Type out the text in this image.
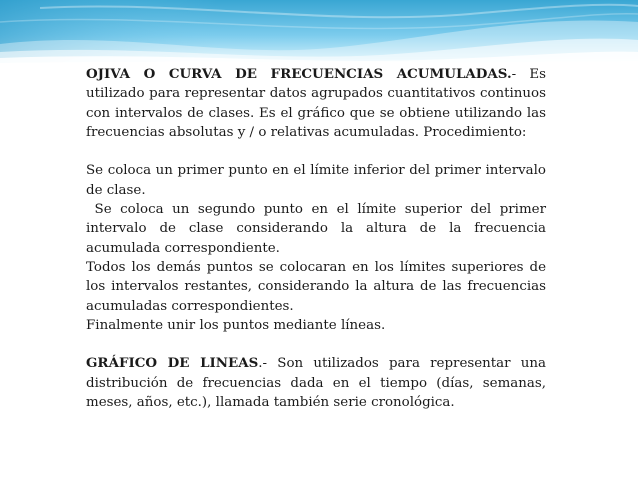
OJIVA O CURVA DE FRECUENCIAS ACUMULADAS.- Es utilizado para representar datos agrupados cuantitativos continuos con intervalos de clases. Es el gráfico que se obtiene utilizando las frecuencias absolutas y / o relativas acumuladas. Procedimiento:

Se coloca un primer punto en el límite inferior del primer intervalo de clase.

Se coloca un segundo punto en el límite superior del primer intervalo de clase considerando la altura de la frecuencia acumulada correspondiente.

Todos los demás puntos se colocaran en los límites superiores de los intervalos restantes, considerando la altura de las frecuencias acumuladas correspondientes.

Finalmente unir los puntos mediante líneas.

GRÁFICO DE LINEAS.- Son utilizados para representar una distribución de frecuencias dada en el tiempo (días, semanas, meses, años, etc.), llamada también serie cronológica.
